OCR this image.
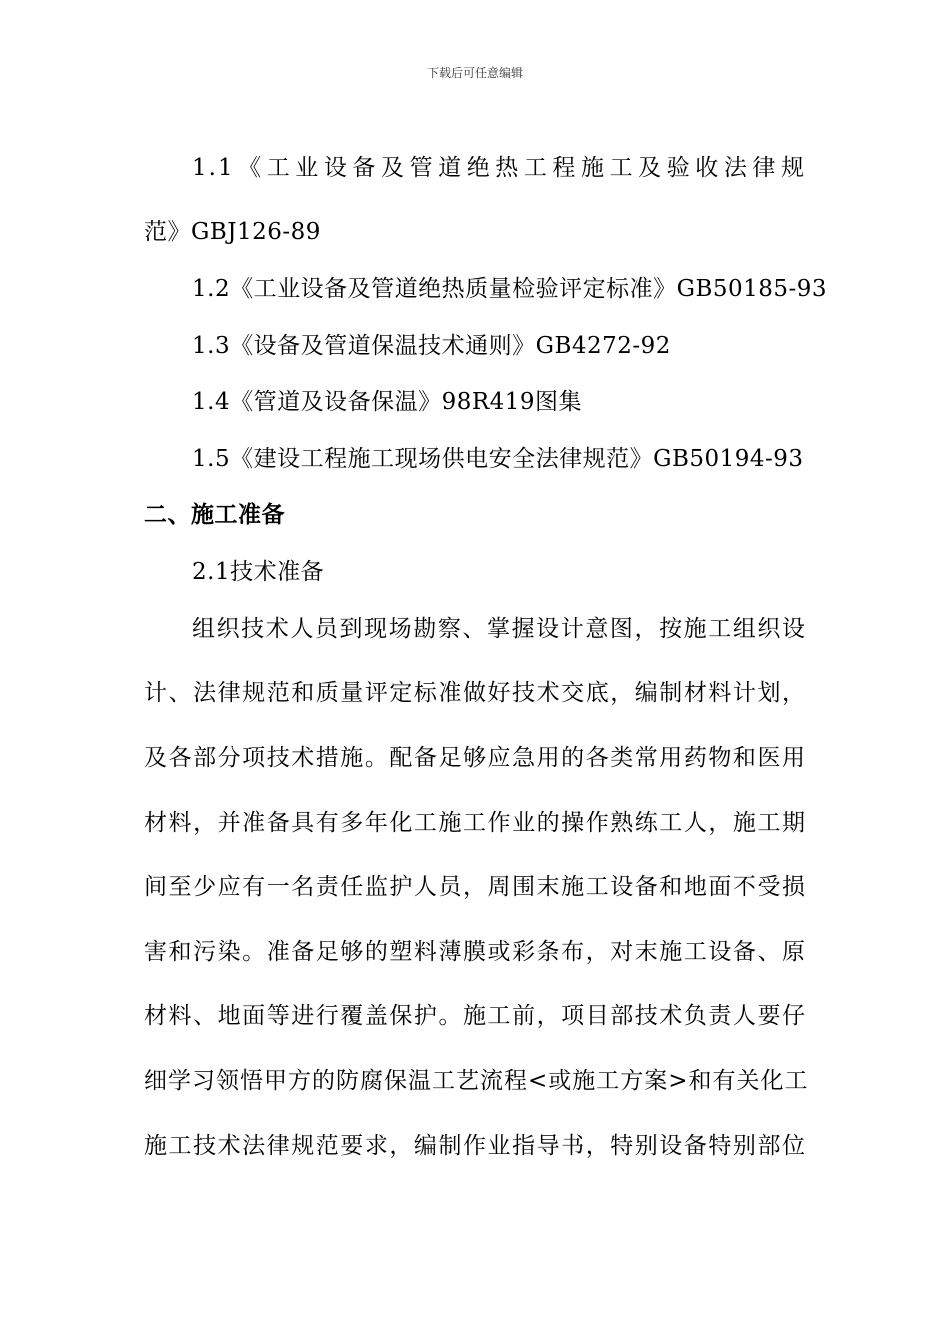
下载后可任意编辑
1.1《工业设备及管道绝热工程施工及验收法律规
范》GBJ126-89
1.2《工业设备及管道绝热质量检验评定标准》GB50185-93
1.3《设备及管道保温技术通则》GB4272-92
1.4《管道及设备保温》98R419图集
1.5《建设工程施工现场供电安全法律规范》GB50194-93
二、施工准备
2.1技术准备
组织技术人员到现场勘察、掌握设计意图，按施工组织设
计、法律规范和质量评定标准做好技术交底，编制材料计划，
及各部分项技术措施。配备足够应急用的各类常用药物和医用
材料，并准备具有多年化工施工作业的操作熟练工人，施工期
间至少应有一名责任监护人员，周围末施工设备和地面不受损
害和污染。准备足够的塑料薄膜或彩条布，对末施工设备、原
材料、地面等进行覆盖保护。施工前，项目部技术负责人要仔
细学习领悟甲方的防腐保温工艺流程<或施工方案>和有关化工
施工技术法律规范要求，编制作业指导书，特别设备特别部位
